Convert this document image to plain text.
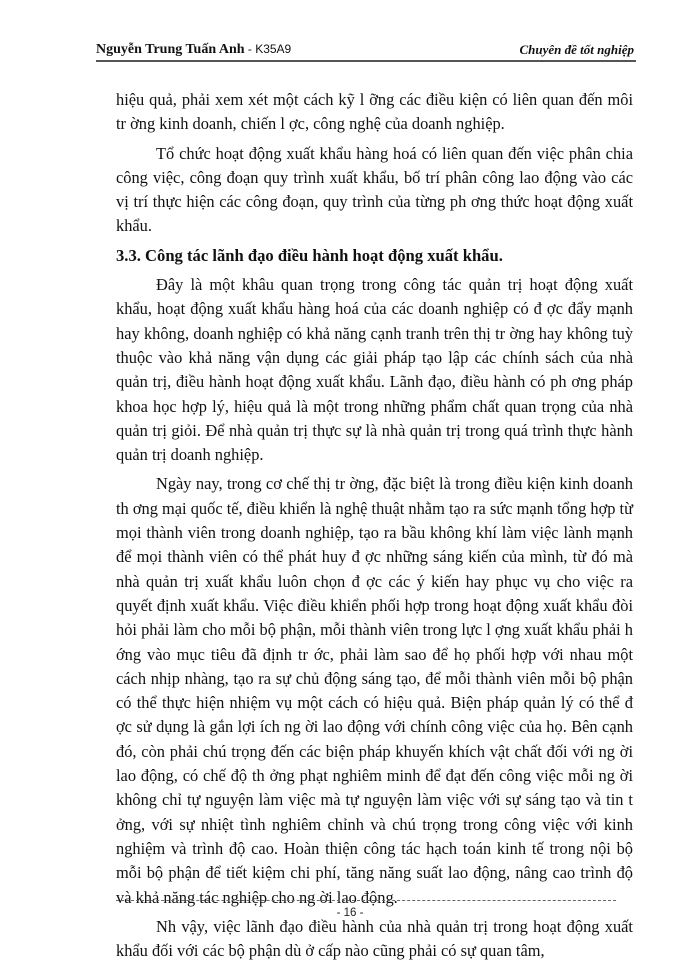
Nguyễn Trung Tuấn Anh - K35A9	Chuyên đề tốt nghiệp

hiệu quả, phải xem xét một cách kỹ l ỡng các điều kiện có liên quan đến môi tr ờng kinh doanh, chiến l ợc, công nghệ của doanh nghiệp.

Tổ chức hoạt động xuất khẩu hàng hoá có liên quan đến việc phân chia công việc, công đoạn quy trình xuất khẩu, bố trí phân công lao động vào các vị trí thực hiện các công đoạn, quy trình của từng ph ơng thức hoạt động xuất khẩu.

3.3. Công tác lãnh đạo điều hành hoạt động xuất khẩu.

Đây là một khâu quan trọng trong công tác quản trị hoạt động xuất khẩu, hoạt động xuất khẩu hàng hoá của các doanh nghiệp có đ ợc đẩy mạnh hay không, doanh nghiệp có khả năng cạnh tranh trên thị tr ờng hay không tuỳ thuộc vào khả năng vận dụng các giải pháp tạo lập các chính sách của nhà quản trị, điều hành hoạt động xuất khẩu. Lãnh đạo, điều hành có ph ơng pháp khoa học hợp lý, hiệu quả là một trong những phẩm chất quan trọng của nhà quản trị giỏi. Để nhà quản trị thực sự là nhà quản trị trong quá trình thực hành quản trị doanh nghiệp.

Ngày nay, trong cơ chế thị tr ờng, đặc biệt là trong điều kiện kinh doanh th ơng mại quốc tế, điều khiển là nghệ thuật nhằm tạo ra sức mạnh tổng hợp từ mọi thành viên trong doanh nghiệp, tạo ra bầu không khí làm việc lành mạnh để mọi thành viên có thể phát huy đ ợc những sáng kiến của mình, từ đó mà nhà quản trị xuất khẩu luôn chọn đ ợc các ý kiến hay phục vụ cho việc ra quyết định xuất khẩu. Việc điều khiển phối hợp trong hoạt động xuất khẩu đòi hỏi phải làm cho mỗi bộ phận, mỗi thành viên trong lực l ợng xuất khẩu phải h ớng vào mục tiêu đã định tr ớc, phải làm sao để họ phối hợp với nhau một cách nhịp nhàng, tạo ra sự chủ động sáng tạo, để mỗi thành viên mỗi bộ phận có thể thực hiện nhiệm vụ một cách có hiệu quả. Biện pháp quản lý có thể đ ợc sử dụng là gắn lợi ích ng ời lao động với chính công việc của họ. Bên cạnh đó, còn phải chú trọng đến các biện pháp khuyến khích vật chất đối với ng ời lao động, có chế độ th ởng phạt nghiêm minh để đạt đến công việc mỗi ng ời không chỉ tự nguyện làm việc mà tự nguyện làm việc với sự sáng tạo và tin t ởng, với sự nhiệt tình nghiêm chỉnh và chú trọng trong công việc với kinh nghiệm và trình độ cao. Hoàn thiện công tác hạch toán kinh tế trong nội bộ mỗi bộ phận để tiết kiệm chi phí, tăng năng suất lao động, nâng cao trình độ và khả năng tác nghiệp cho ng ời lao động.

Nh vậy, việc lãnh đạo điều hành của nhà quản trị trong hoạt động xuất khẩu đối với các bộ phận dù ở cấp nào cũng phải có sự quan tâm,

- 16 -
